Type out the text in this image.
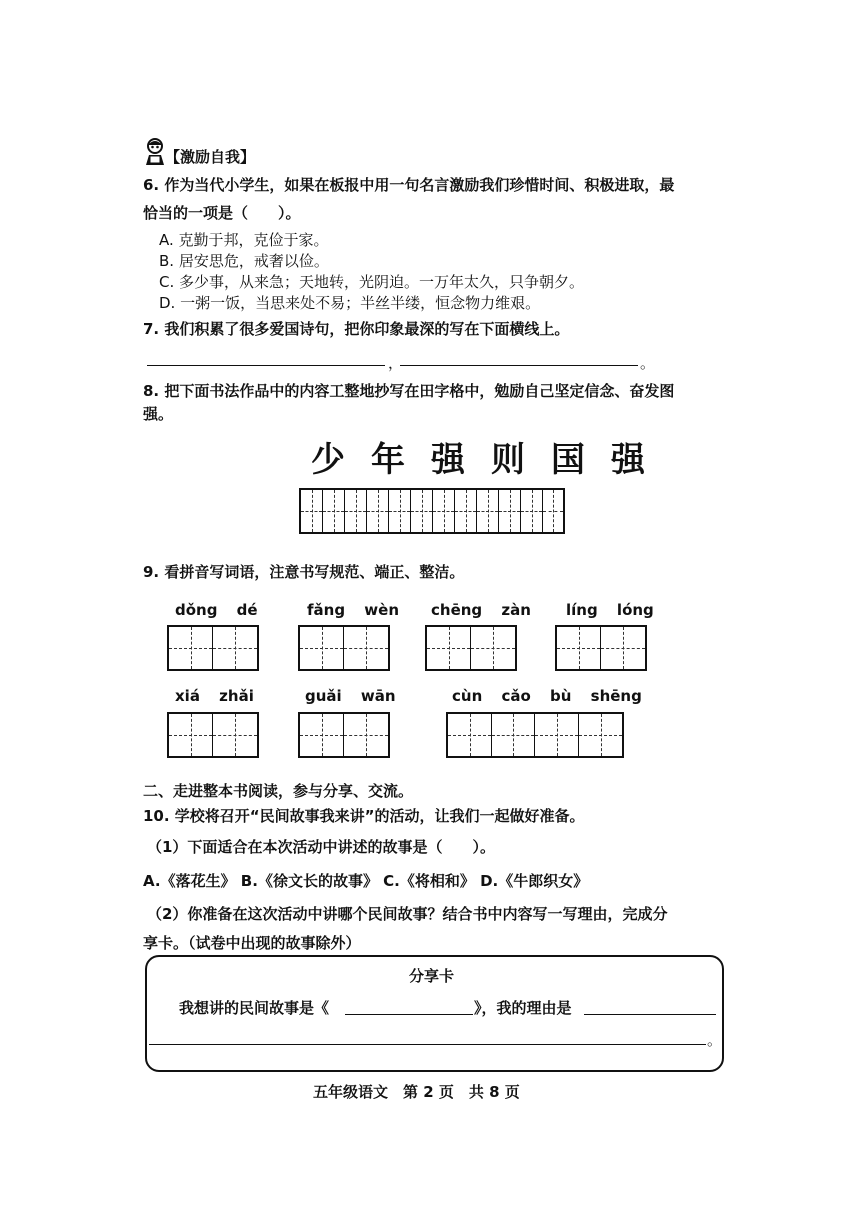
【激励自我】
6. 作为当代小学生，如果在板报中用一句名言激励我们珍惜时间、积极进取，最
恰当的一项是（　　）。
A. 克勤于邦，克俭于家。
B. 居安思危，戒奢以俭。
C. 多少事，从来急；天地转，光阴迫。一万年太久，只争朝夕。
D. 一粥一饭，当思来处不易；半丝半缕，恒念物力维艰。
7. 我们积累了很多爱国诗句，把你印象最深的写在下面横线上。
，	。
8. 把下面书法作品中的内容工整地抄写在田字格中，勉励自己坚定信念、奋发图
强。
少年强则国强
9. 看拼音写词语，注意书写规范、端正、整洁。
dǒng dé	fǎng wèn chēng zàn líng lóng
xiá zhǎi	guǎi wān	cùn cǎo bù shēng
二、走进整本书阅读，参与分享、交流。
10. 学校将召开“民间故事我来讲”的活动，让我们一起做好准备。
（1）下面适合在本次活动中讲述的故事是（　　）。
A.《落花生》 B.《徐文长的故事》 C.《将相和》 D.《牛郎织女》
（2）你准备在这次活动中讲哪个民间故事？结合书中内容写一写理由，完成分
享卡。（试卷中出现的故事除外）
分享卡
我想讲的民间故事是《	》，我的理由是
。
五年级语文　第 2 页　共 8 页
